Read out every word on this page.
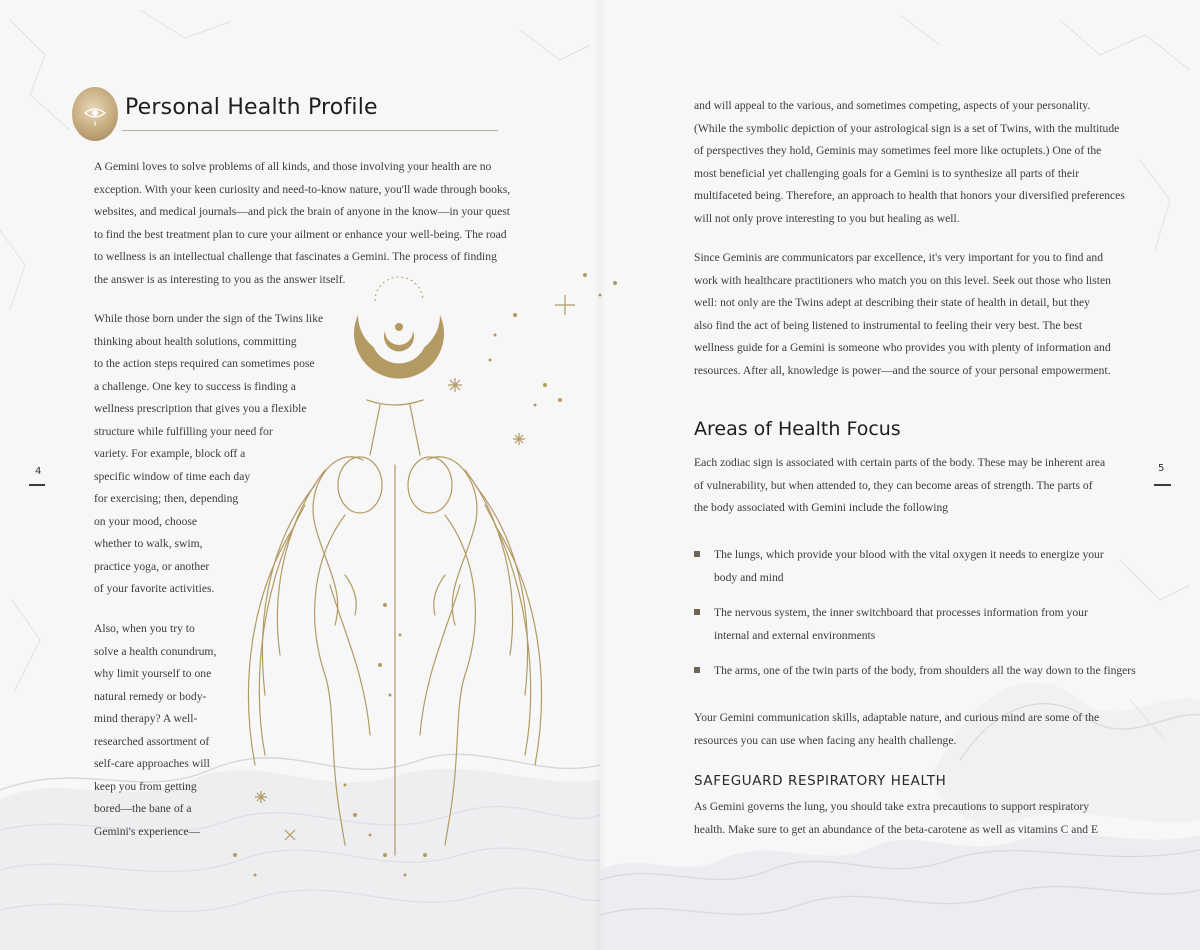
Personal Health Profile
A Gemini loves to solve problems of all kinds, and those involving your health are no
exception. With your keen curiosity and need-to-know nature, you'll wade through books,
websites, and medical journals—and pick the brain of anyone in the know—in your quest
to find the best treatment plan to cure your ailment or enhance your well-being. The road
to wellness is an intellectual challenge that fascinates a Gemini. The process of finding
the answer is as interesting to you as the answer itself.
While those born under the sign of the Twins like
thinking about health solutions, committing
to the action steps required can sometimes pose
a challenge. One key to success is finding a
wellness prescription that gives you a flexible
structure while fulfilling your need for
variety. For example, block off a
specific window of time each day
for exercising; then, depending
on your mood, choose
whether to walk, swim,
practice yoga, or another
of your favorite activities.
Also, when you try to
solve a health conundrum,
why limit yourself to one
natural remedy or body-
mind therapy? A well-
researched assortment of
self-care approaches will
keep you from getting
bored—the bane of a
Gemini's experience—
4
and will appeal to the various, and sometimes competing, aspects of your personality.
(While the symbolic depiction of your astrological sign is a set of Twins, with the multitude
of perspectives they hold, Geminis may sometimes feel more like octuplets.) One of the
most beneficial yet challenging goals for a Gemini is to synthesize all parts of their
multifaceted being. Therefore, an approach to health that honors your diversified preferences
will not only prove interesting to you but healing as well.
Since Geminis are communicators par excellence, it's very important for you to find and
work with healthcare practitioners who match you on this level. Seek out those who listen
well: not only are the Twins adept at describing their state of health in detail, but they
also find the act of being listened to instrumental to feeling their very best. The best
wellness guide for a Gemini is someone who provides you with plenty of information and
resources. After all, knowledge is power—and the source of your personal empowerment.
5
Areas of Health Focus
Each zodiac sign is associated with certain parts of the body. These may be inherent area
of vulnerability, but when attended to, they can become areas of strength. The parts of
the body associated with Gemini include the following
The lungs, which provide your blood with the vital oxygen it needs to energize your
body and mind
The nervous system, the inner switchboard that processes information from your
internal and external environments
The arms, one of the twin parts of the body, from shoulders all the way down to the fingers
Your Gemini communication skills, adaptable nature, and curious mind are some of the
resources you can use when facing any health challenge.
SAFEGUARD RESPIRATORY HEALTH
As Gemini governs the lung, you should take extra precautions to support respiratory
health. Make sure to get an abundance of the beta-carotene as well as vitamins C and E
